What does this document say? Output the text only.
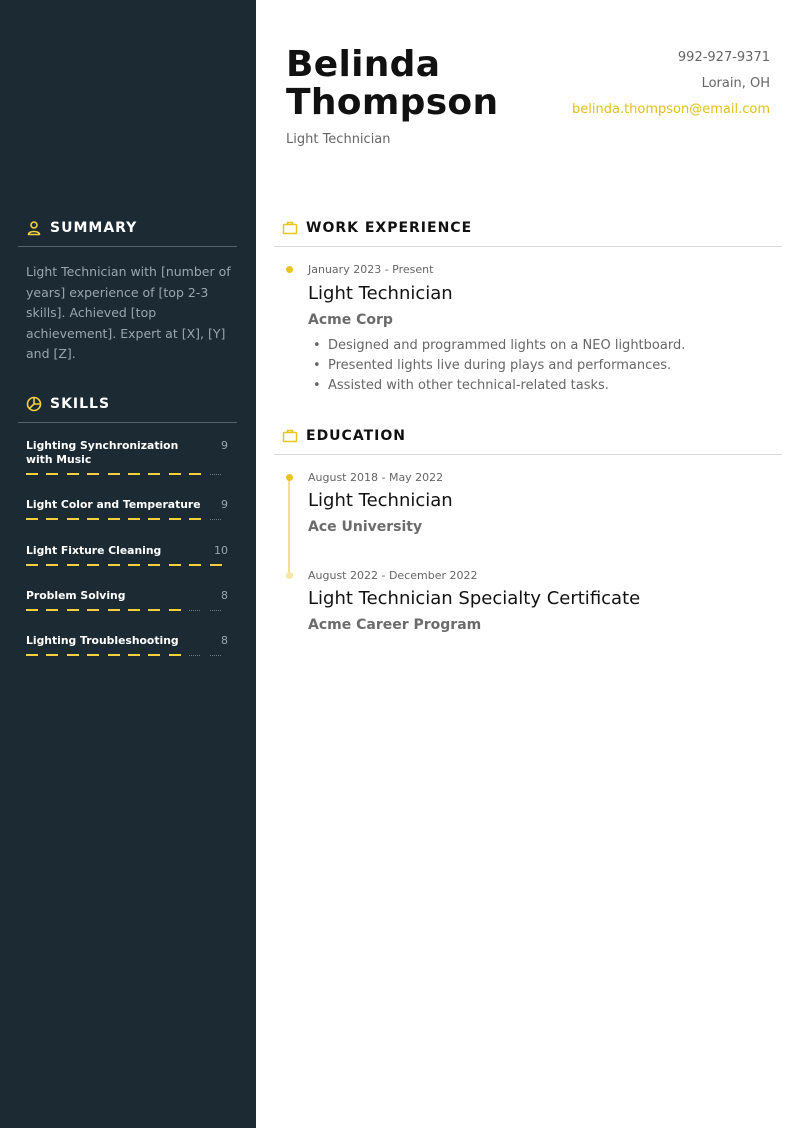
SUMMARY

Light Technician with [number of years] experience of [top 2-3 skills]. Achieved [top achievement]. Expert at [X], [Y] and [Z].

SKILLS
Lighting Synchronization with Music
9
Light Color and Temperature	9
Light Fixture Cleaning	10
Problem Solving	8
Lighting Troubleshooting	8
Belinda
Thompson
Light Technician
992-927-9371
Lorain, OH
belinda.thompson@email.com
WORK EXPERIENCE
January 2023 - Present
Light Technician
Acme Corp
• Designed and programmed lights on a NEO lightboard.
• Presented lights live during plays and performances.
• Assisted with other technical-related tasks.
EDUCATION
August 2018 - May 2022
Light Technician
Ace University
August 2022 - December 2022
Light Technician Specialty Certificate
Acme Career Program
